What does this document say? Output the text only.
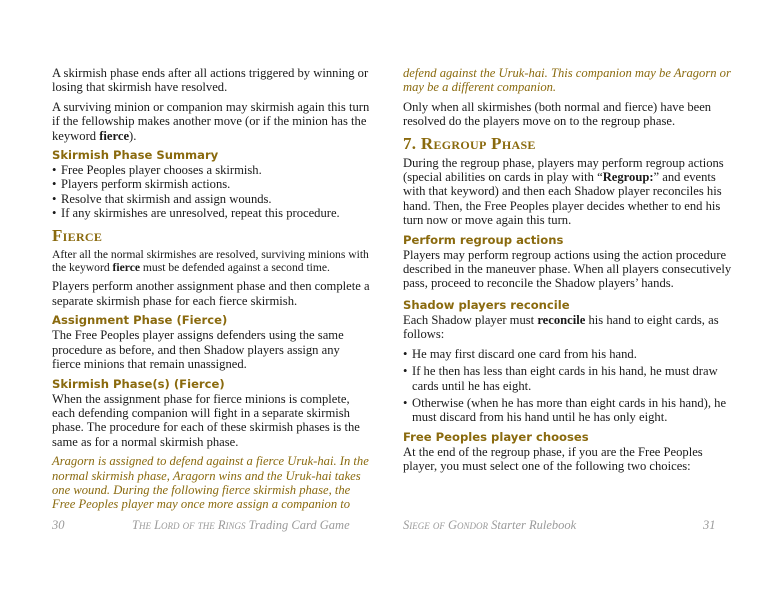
A skirmish phase ends after all actions triggered by winning or losing that skirmish have resolved.

A surviving minion or companion may skirmish again this turn if the fellowship makes another move (or if the minion has the keyword fierce).

Skirmish Phase Summary
• Free Peoples player chooses a skirmish.
• Players perform skirmish actions.
• Resolve that skirmish and assign wounds.
• If any skirmishes are unresolved, repeat this procedure.
Fierce

After all the normal skirmishes are resolved, surviving minions with the keyword fierce must be defended against a second time.

Players perform another assignment phase and then complete a separate skirmish phase for each fierce skirmish.

Assignment Phase (Fierce)

The Free Peoples player assigns defenders using the same procedure as before, and then Shadow players assign any fierce minions that remain unassigned.

Skirmish Phase(s) (Fierce)

When the assignment phase for fierce minions is complete, each defending companion will fight in a separate skirmish phase. The procedure for each of these skirmish phases is the same as for a normal skirmish phase.

Aragorn is assigned to defend against a fierce Uruk-hai. In the normal skirmish phase, Aragorn wins and the Uruk-hai takes one wound. During the following fierce skirmish phase, the Free Peoples player may once more assign a companion to

30	The Lord of the Rings Trading Card Game

defend against the Uruk-hai. This companion may be Aragorn or may be a different companion.

Only when all skirmishes (both normal and fierce) have been resolved do the players move on to the regroup phase.

7. Regroup Phase

During the regroup phase, players may perform regroup actions (special abilities on cards in play with “Regroup:” and events with that keyword) and then each Shadow player reconciles his hand. Then, the Free Peoples player decides whether to end his turn now or move again this turn.

Perform regroup actions

Players may perform regroup actions using the action procedure described in the maneuver phase. When all players consecutively pass, proceed to reconcile the Shadow players’ hands.

Shadow players reconcile

Each Shadow player must reconcile his hand to eight cards, as follows:

• He may first discard one card from his hand.
• If he then has less than eight cards in his hand, he must draw cards until he has eight.
• Otherwise (when he has more than eight cards in his hand), he must discard from his hand until he has only eight.
Free Peoples player chooses

At the end of the regroup phase, if you are the Free Peoples player, you must select one of the following two choices:

Siege of Gondor Starter Rulebook	31
